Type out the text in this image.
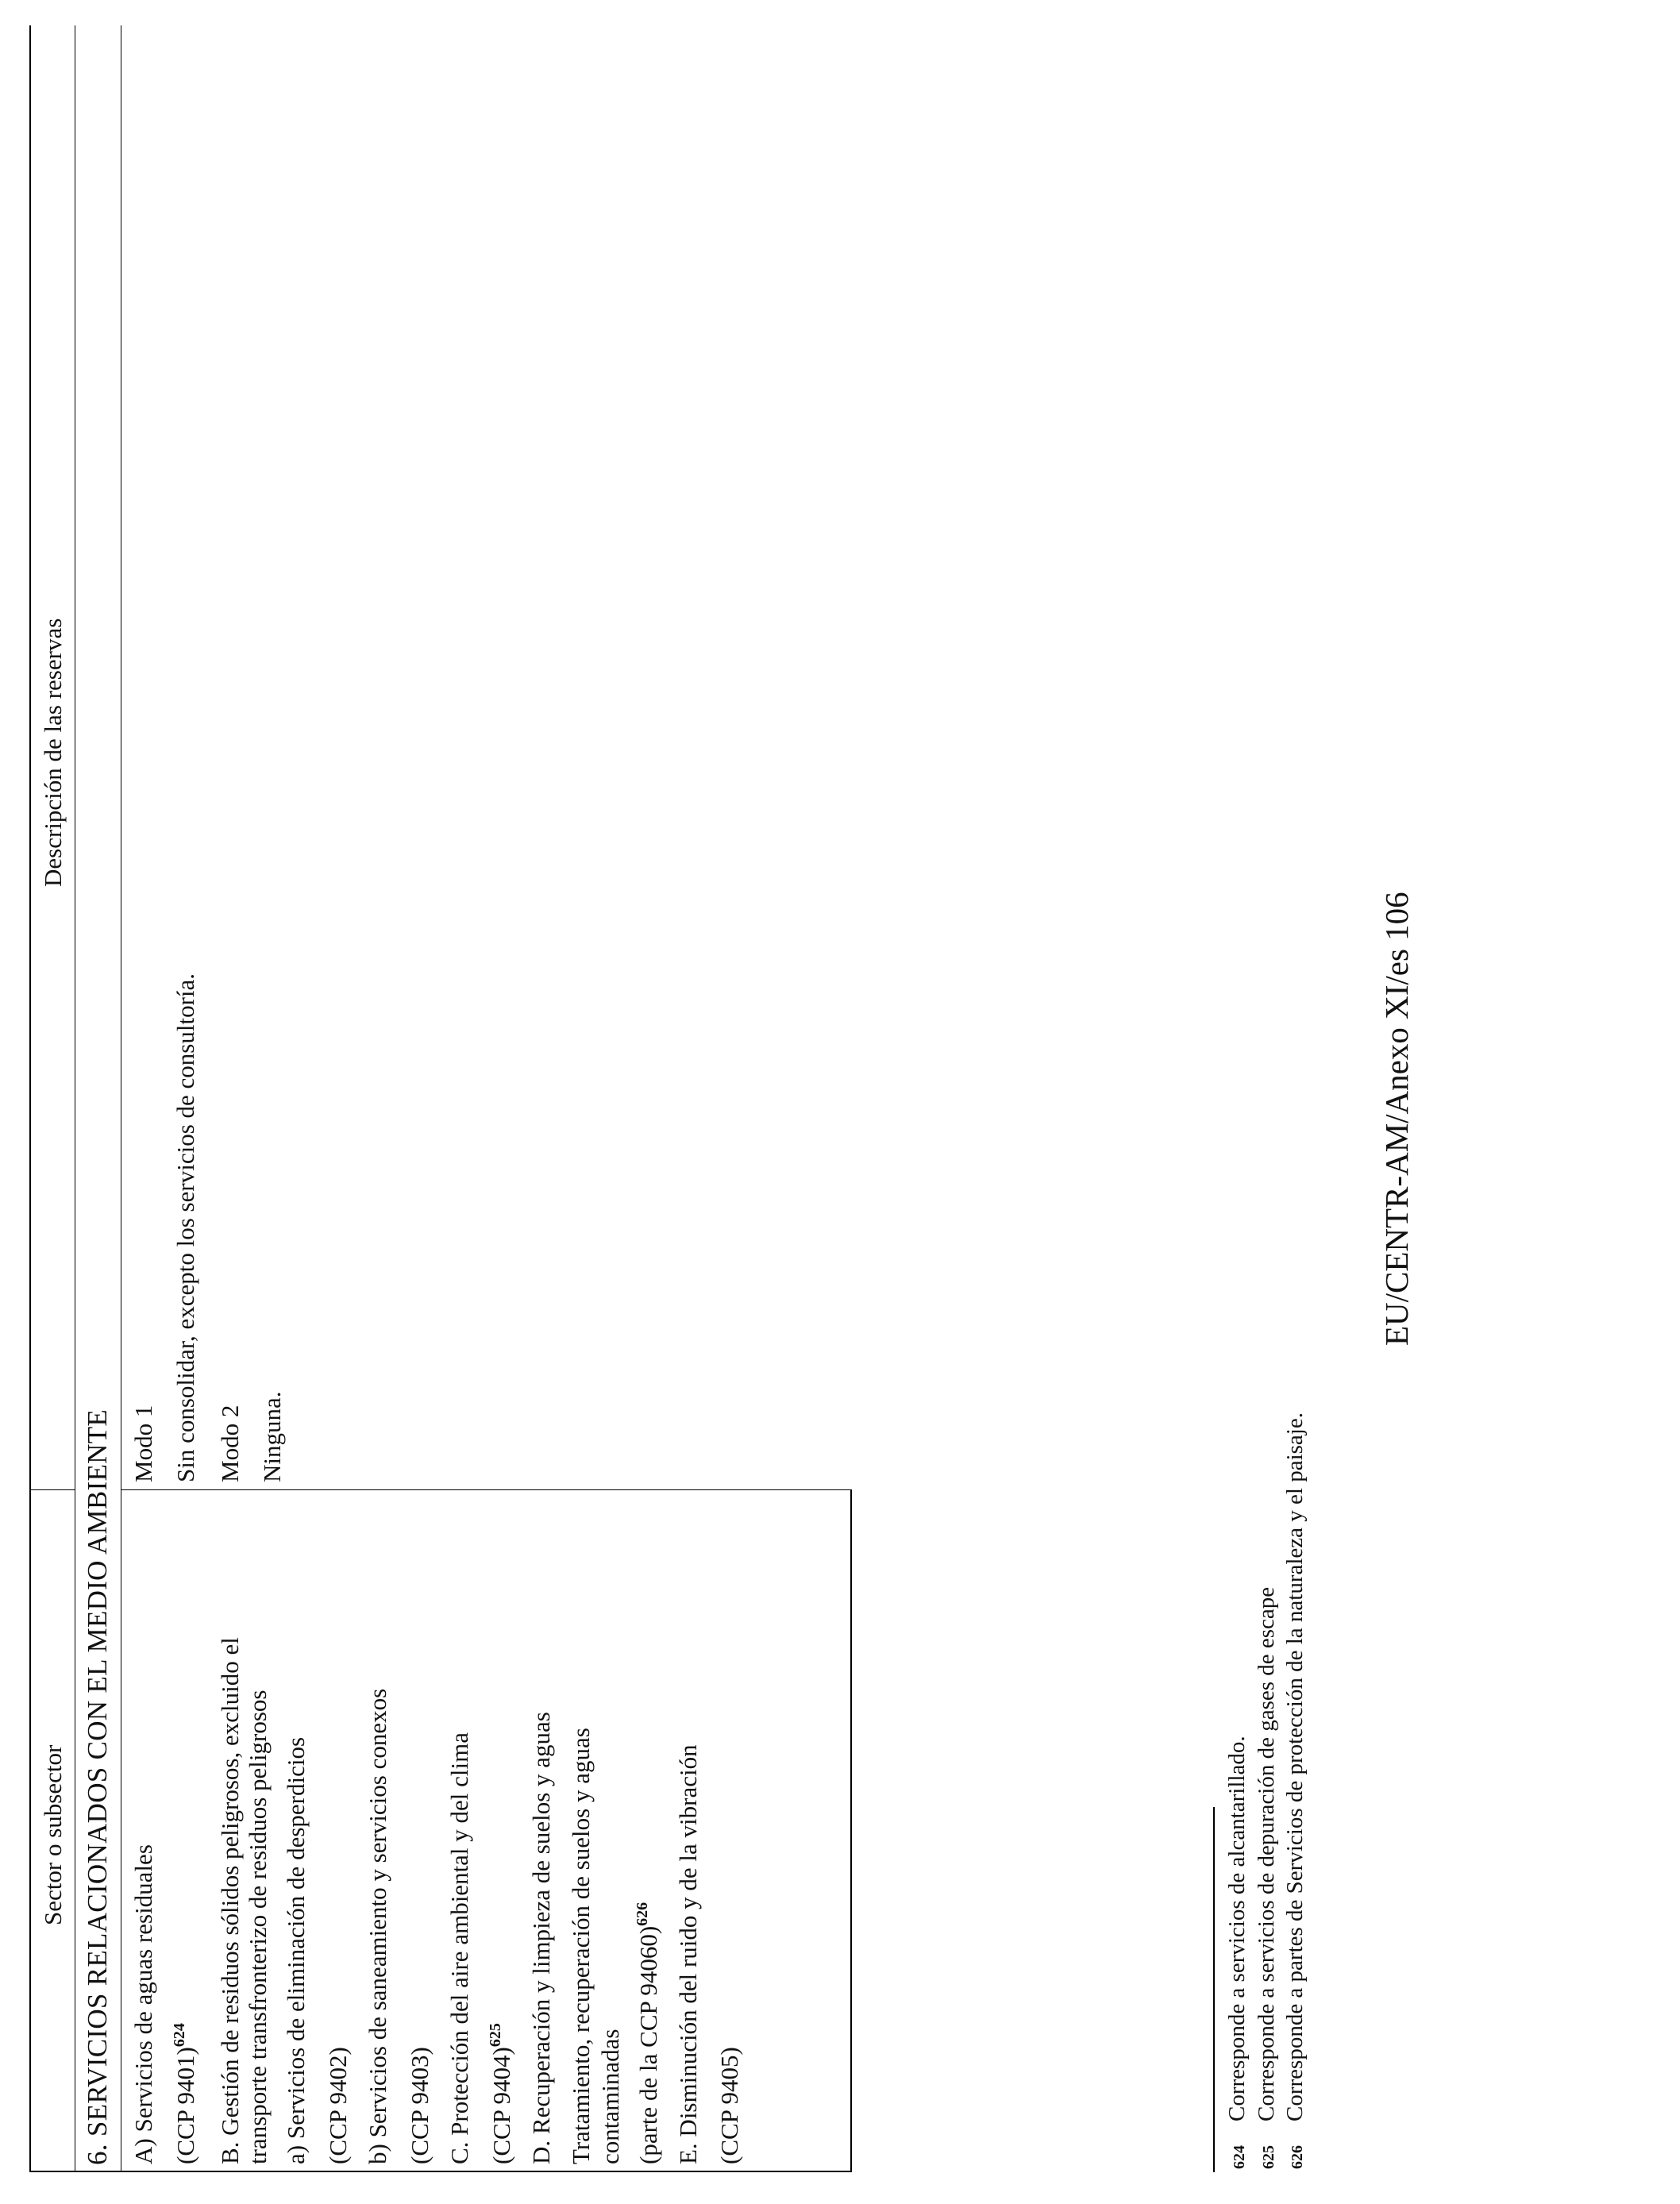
Sector o subsector
Descripción de las reservas
6. SERVICIOS RELACIONADOS CON EL MEDIO AMBIENTE A) Servicios de aguas residuales (CCP 9401)$^{624}$	B. Gestión de residuos sólidos peligrosos, excluido el transporte transfronterizo de residuos peligrosos a) Servicios de eliminación de desperdicios (CCP 9402) b) Servicios de saneamiento y servicios conexos (CCP 9403) C. Protección del aire ambiental y del clima (CCP 9404)$^{625}$ D. Recuperación y limpieza de suelos y aguas Tratamiento, recuperación de suelos y aguas contaminadas (parte de la CCP 94060)$^{626}$ E. Disminución del ruido y de la vibración (CCP 9405)
Modo 1 Sin consolidar, excepto los servicios de consultoría. Modo 2 Ninguna.
624Corresponde a servicios de alcantarillado.
625Corresponde a servicios de depuración de gases de escape
626Corresponde a partes de Servicios de protección de la naturaleza y el paisaje.
EU/CENTR-AM/Anexo XI/es 106
